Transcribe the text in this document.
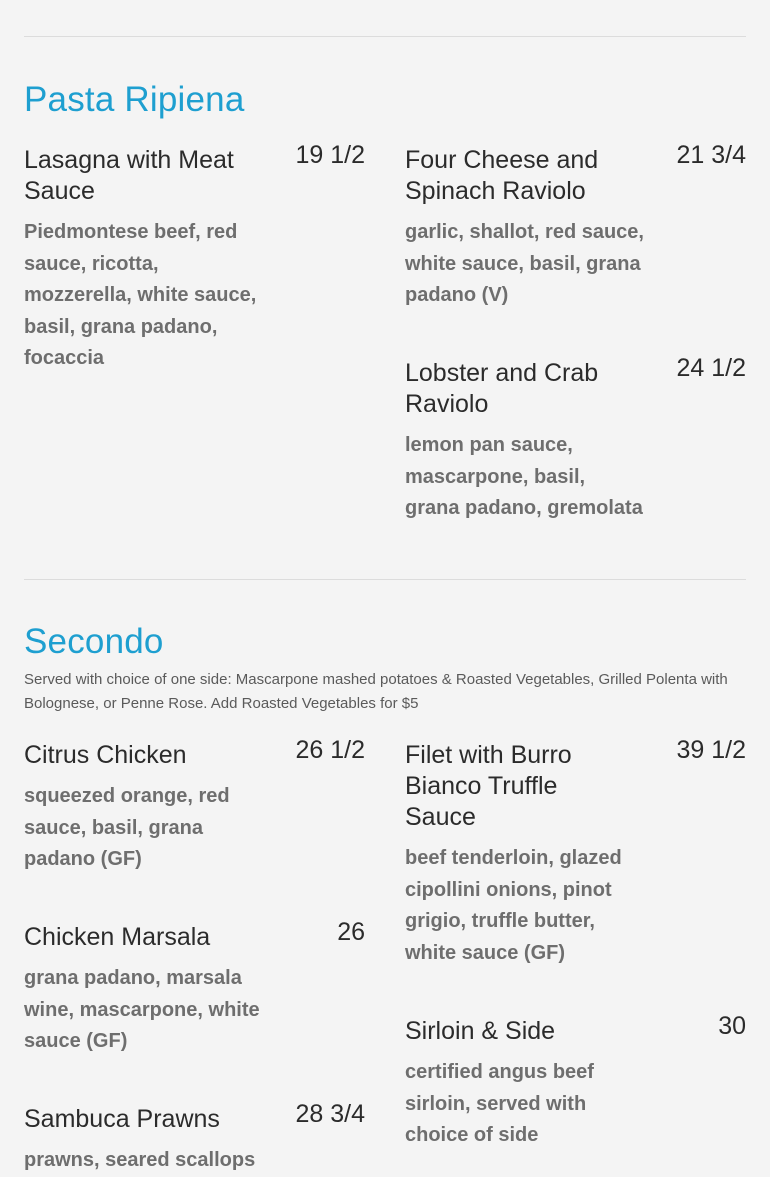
Pasta Ripiena
Lasagna with Meat Sauce
19 1/2
Piedmontese beef, red sauce, ricotta, mozzerella, white sauce, basil, grana padano, focaccia
Four Cheese and Spinach Raviolo
21 3/4
garlic, shallot, red sauce, white sauce, basil, grana padano (V)
Lobster and Crab Raviolo
24 1/2
lemon pan sauce, mascarpone, basil, grana padano, gremolata
Secondo

Served with choice of one side: Mascarpone mashed potatoes & Roasted Vegetables, Grilled Polenta with Bolognese, or Penne Rose. Add Roasted Vegetables for $5

Citrus Chicken	26 1/2
squeezed orange, red sauce, basil, grana padano (GF)
Filet with Burro Bianco Truffle Sauce
39 1/2
beef tenderloin, glazed cipollini onions, pinot grigio, truffle butter, white sauce (GF)
Chicken Marsala	26
grana padano, marsala wine, mascarpone, white sauce (GF)	Sirloin & Side	30
certified angus beef sirloin, served with choice of side
Sambuca Prawns	28 3/4
prawns, seared scallops
